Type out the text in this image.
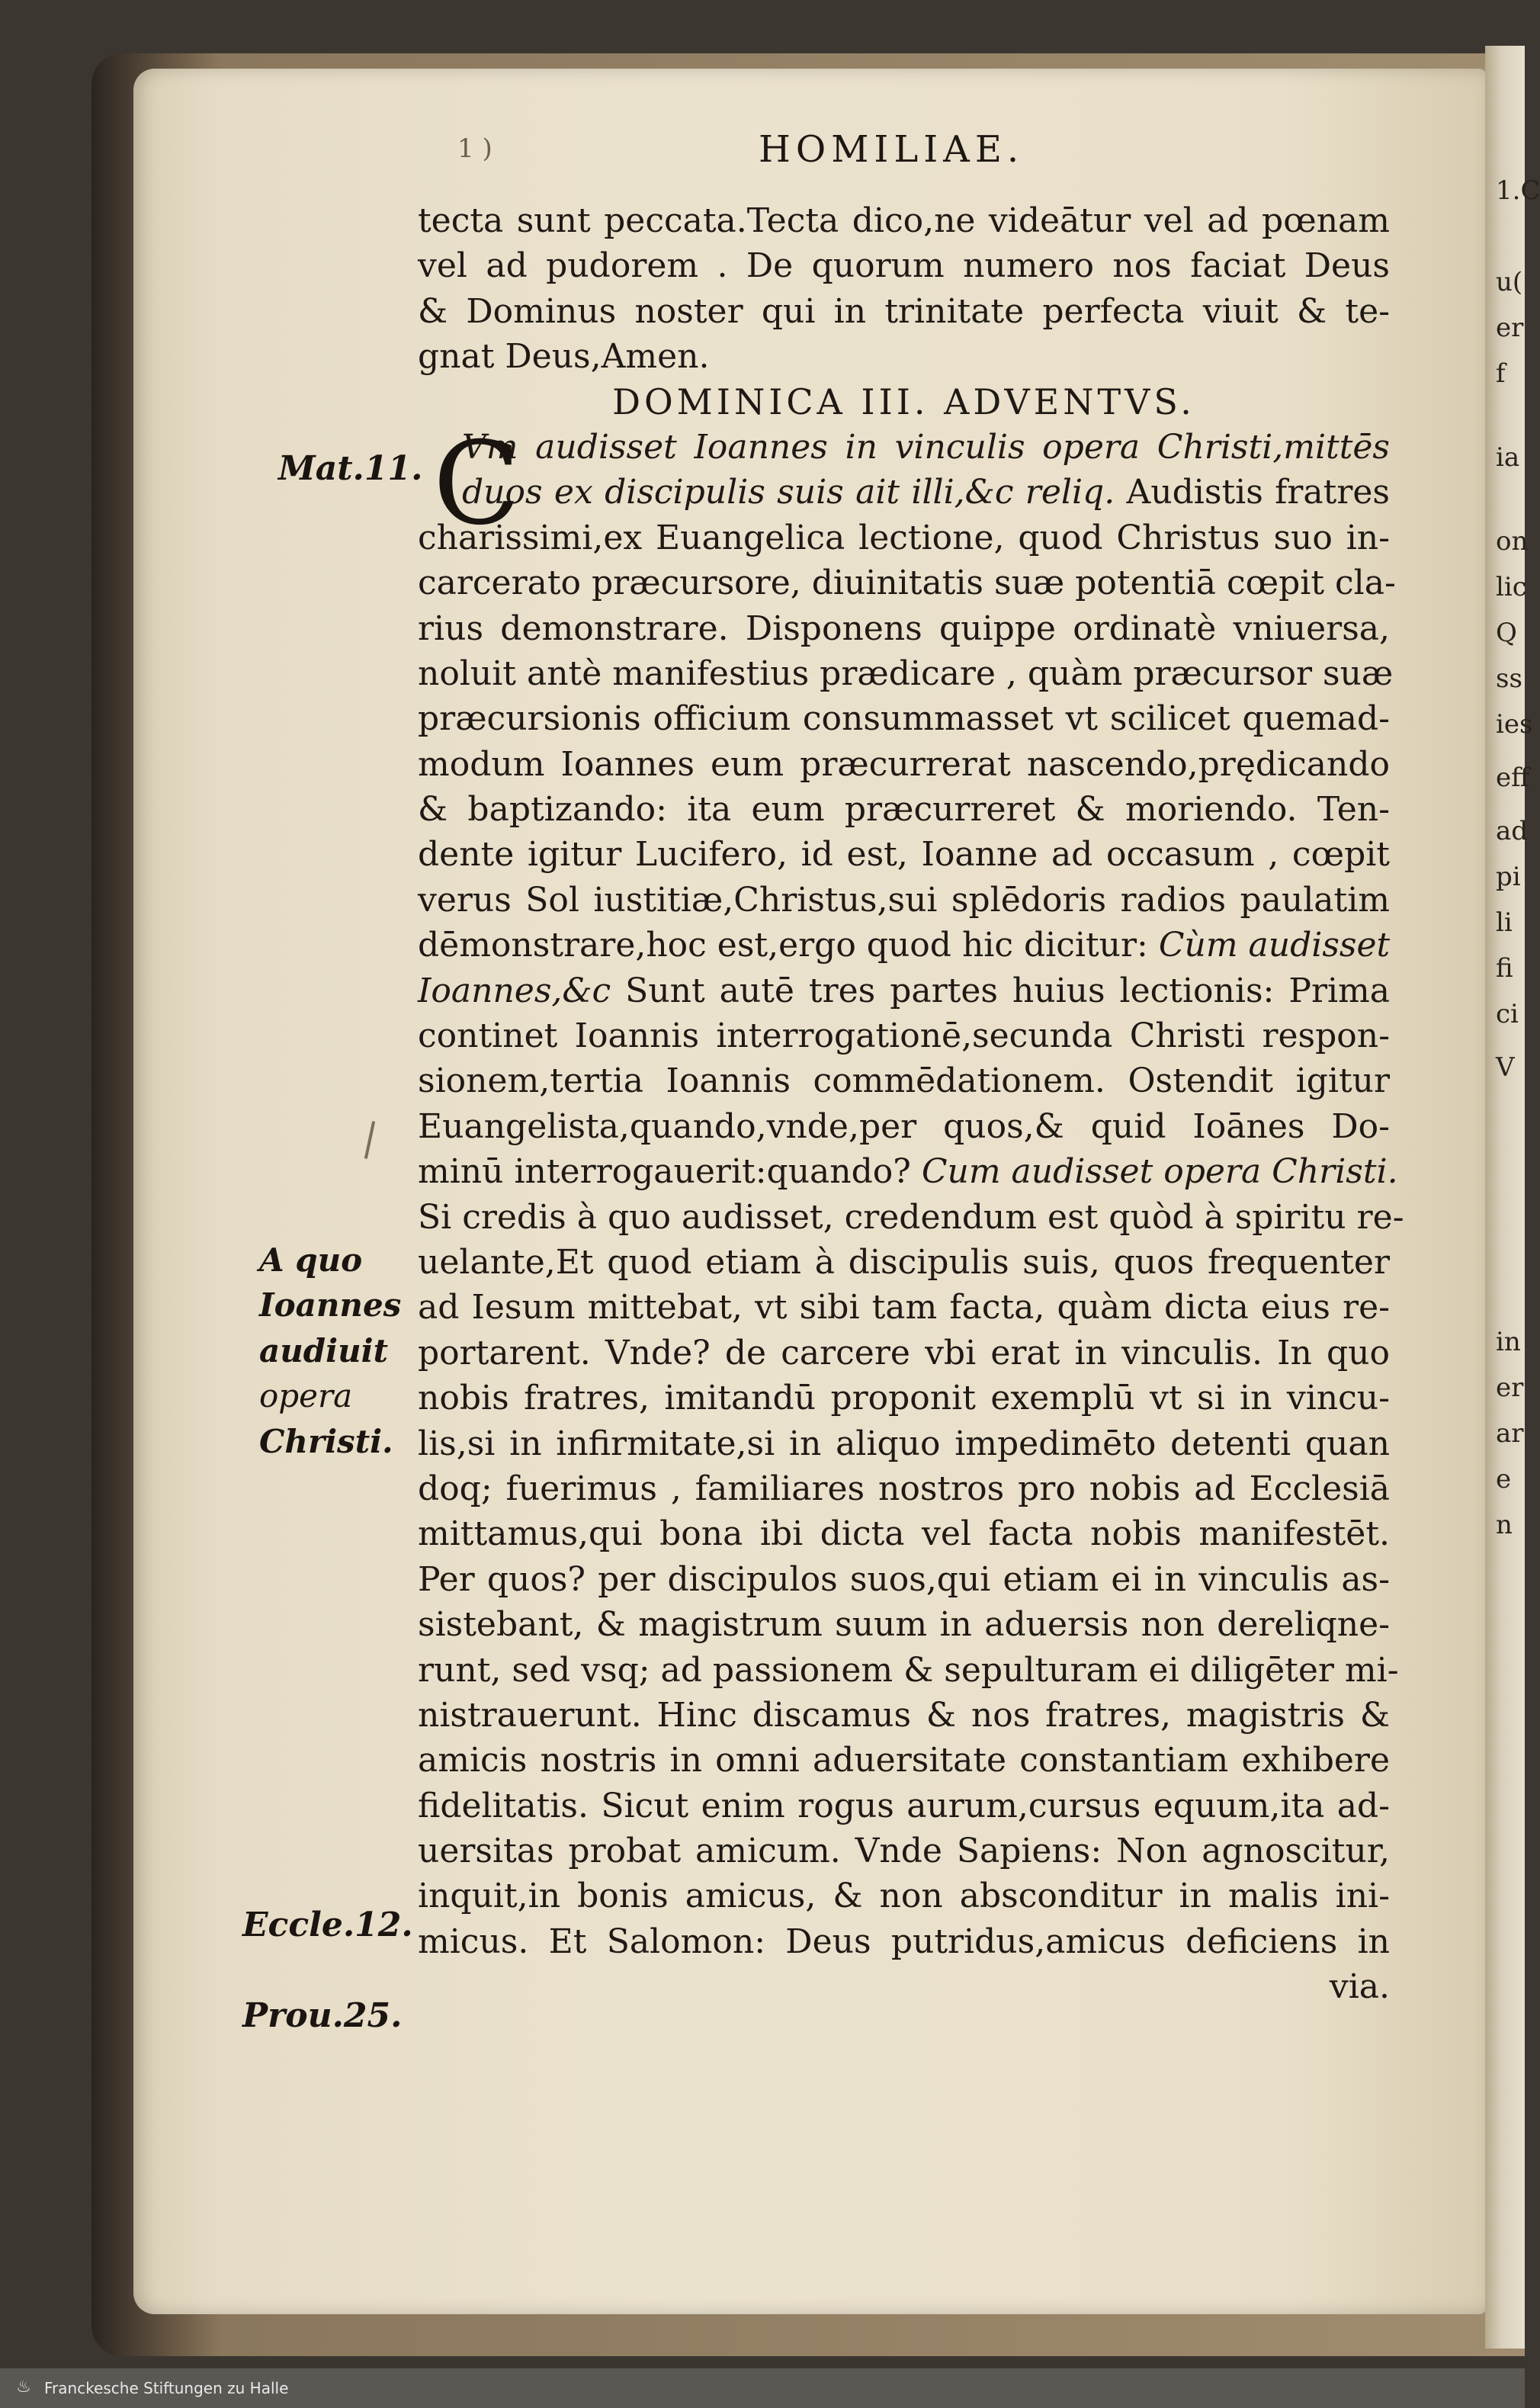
1.C
u(
er
f
ia
on
lic
Q
ss
ies
eff
ad
pi
li
fi
ci
V
in
er
ar
e
n
1 )	HOMILIAE.
tecta sunt peccata.Tecta dico,ne videātur vel ad pœnam
vel ad pudorem . De quorum numero nos faciat Deus
& Dominus noster qui in trinitate perfecta viuit & te-
gnat Deus,Amen.
DOMINICA III. ADVENTVS.
Vm audisset Ioannes in vinculis opera Christi,mittēs
duos ex discipulis suis ait illi,&c reliq. Audistis fratres
charissimi,ex Euangelica lectione, quod Christus suo in-
carcerato præcursore, diuinitatis suæ potentiā cœpit cla-
rius demonstrare. Disponens quippe ordinatè vniuersa,
noluit antè manifestius prædicare , quàm præcursor suæ
præcursionis officium consummasset vt scilicet quemad-
modum Ioannes eum præcurrerat nascendo,prędicando
& baptizando: ita eum præcurreret & moriendo. Ten-
dente igitur Lucifero, id est, Ioanne ad occasum , cœpit
verus Sol iustitiæ,Christus,sui splēdoris radios paulatim
dēmonstrare,hoc est,ergo quod hic dicitur: Cùm audisset
Ioannes,&c Sunt autē tres partes huius lectionis: Prima
continet Ioannis interrogationē,secunda Christi respon-
sionem,tertia Ioannis commēdationem. Ostendit igitur
Euangelista,quando,vnde,per quos,& quid Ioānes Do-
minū interrogauerit:quando? Cum audisset opera Christi.
Si credis à quo audisset, credendum est quòd à spiritu re-
uelante,Et quod etiam à discipulis suis, quos frequenter
ad Iesum mittebat, vt sibi tam facta, quàm dicta eius re-
portarent. Vnde? de carcere vbi erat in vinculis. In quo
nobis fratres, imitandū proponit exemplū vt si in vincu-
lis,si in infirmitate,si in aliquo impedimēto detenti quan
doq; fuerimus , familiares nostros pro nobis ad Ecclesiā
mittamus,qui bona ibi dicta vel facta nobis manifestēt.
Per quos? per discipulos suos,qui etiam ei in vinculis as-
sistebant, & magistrum suum in aduersis non dereliqne-
runt, sed vsq; ad passionem & sepulturam ei diligēter mi-
nistrauerunt. Hinc discamus & nos fratres, magistris &
amicis nostris in omni aduersitate constantiam exhibere
fidelitatis. Sicut enim rogus aurum,cursus equum,ita ad-
uersitas probat amicum. Vnde Sapiens: Non agnoscitur,
inquit,in bonis amicus, & non absconditur in malis ini-
micus. Et Salomon: Deus putridus,amicus deficiens in
via.
C
Mat.11.
A quo
Ioannes
audiuit
opera
Christi.
Eccle.12.
Prou.25.
♨ Franckesche Stiftungen zu Halle
